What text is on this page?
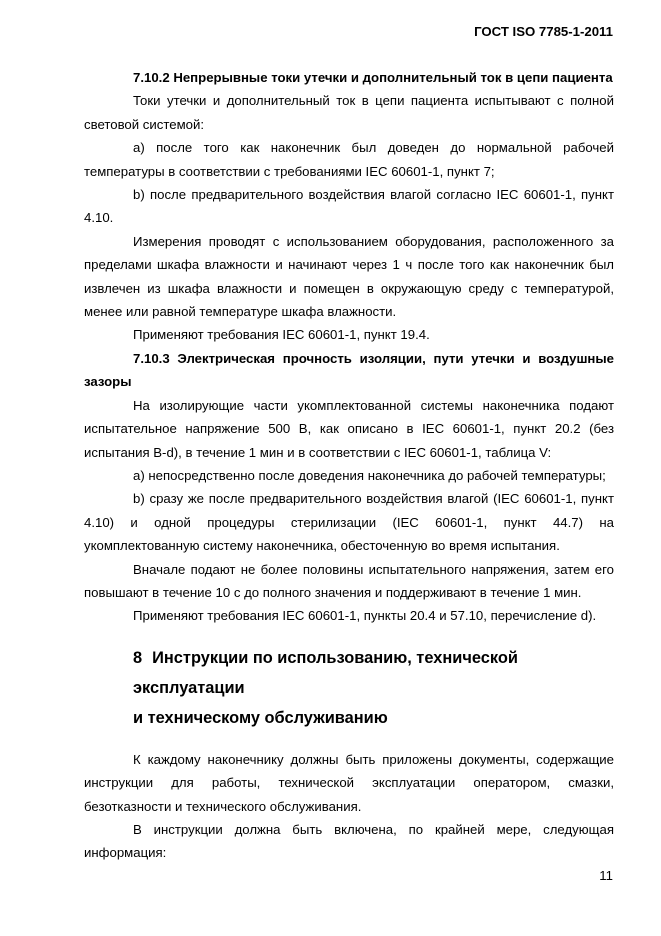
ГОСТ ISO 7785-1-2011

7.10.2 Непрерывные токи утечки и дополнительный ток в цепи пациента

Токи утечки и дополнительный ток в цепи пациента испытывают с полной световой системой:

а) после того как наконечник был доведен до нормальной рабочей температуры в соответствии с требованиями IEC 60601-1, пункт 7;

b) после предварительного воздействия влагой согласно IEC 60601-1, пункт 4.10.

Измерения проводят с использованием оборудования, расположенного за пределами шкафа влажности и начинают через 1 ч после того как наконечник был извлечен из шкафа влажности и помещен в окружающую среду с температурой, менее или равной температуре шкафа влажности.

Применяют требования IEC 60601-1, пункт 19.4.

7.10.3 Электрическая прочность изоляции, пути утечки и воздушные зазоры

На изолирующие части укомплектованной системы наконечника подают испытательное напряжение 500 В, как описано в IEC 60601-1, пункт 20.2 (без испытания B-d), в течение 1 мин и в соответствии с IEC 60601-1, таблица V:

а) непосредственно после доведения наконечника до рабочей температуры;

b) сразу же после предварительного воздействия влагой (IEC 60601-1, пункт 4.10) и одной процедуры стерилизации (IEC 60601-1, пункт 44.7) на укомплектованную систему наконечника, обесточенную во время испытания.

Вначале подают не более половины испытательного напряжения, затем его повышают в течение 10 с до полного значения и поддерживают в течение 1 мин.

Применяют требования IEC 60601-1, пункты 20.4 и 57.10, перечисление d).

8 Инструкции по использованию, технической эксплуатации
и техническому обслуживанию

К каждому наконечнику должны быть приложены документы, содержащие инструкции для работы, технической эксплуатации оператором, смазки, безотказности и технического обслуживания.

В инструкции должна быть включена, по крайней мере, следующая информация:

11
